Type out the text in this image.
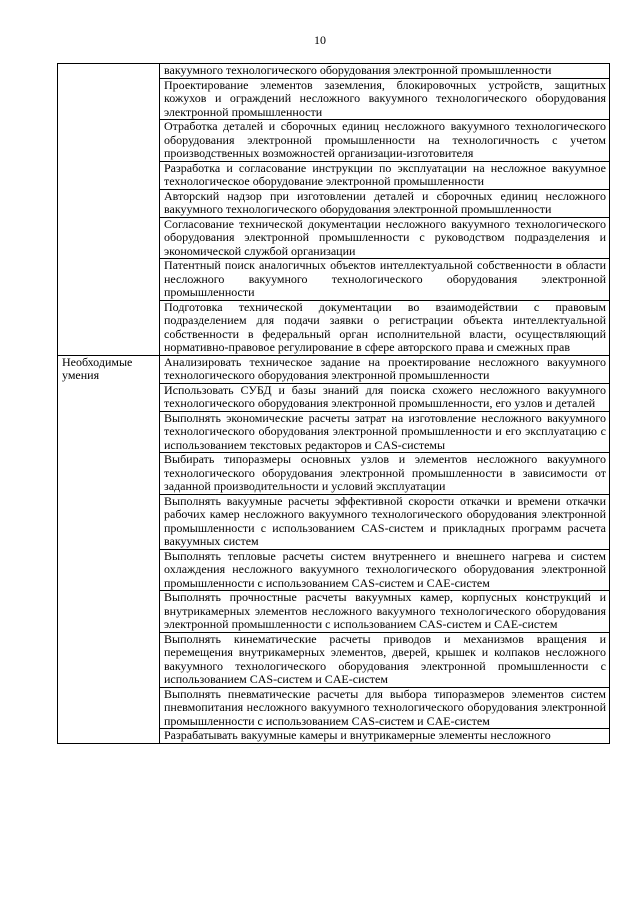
10
	вакуумного технологического оборудования электронной промышленности
	Проектирование элементов заземления, блокировочных устройств, защитных кожухов и ограждений несложного вакуумного технологического оборудования электронной промышленности
	Отработка деталей и сборочных единиц несложного вакуумного технологического оборудования электронной промышленности на технологичность с учетом производственных возможностей организации-изготовителя
	Разработка и согласование инструкции по эксплуатации на несложное вакуумное технологическое оборудование электронной промышленности
	Авторский надзор при изготовлении деталей и сборочных единиц несложного вакуумного технологического оборудования электронной промышленности
	Согласование технической документации несложного вакуумного технологического оборудования электронной промышленности с руководством подразделения и экономической службой организации
	Патентный поиск аналогичных объектов интеллектуальной собственности в области несложного вакуумного технологического оборудования электронной промышленности
	Подготовка технической документации во взаимодействии с правовым подразделением для подачи заявки о регистрации объекта интеллектуальной собственности в федеральный орган исполнительной власти, осуществляющий нормативно-правовое регулирование в сфере авторского права и смежных прав
Необходимые умения	Анализировать техническое задание на проектирование несложного вакуумного технологического оборудования электронной промышленности
	Использовать СУБД и базы знаний для поиска схожего несложного вакуумного технологического оборудования электронной промышленности, его узлов и деталей
	Выполнять экономические расчеты затрат на изготовление несложного вакуумного технологического оборудования электронной промышленности и его эксплуатацию с использованием текстовых редакторов и CAS-системы
	Выбирать типоразмеры основных узлов и элементов несложного вакуумного технологического оборудования электронной промышленности в зависимости от заданной производительности и условий эксплуатации
	Выполнять вакуумные расчеты эффективной скорости откачки и времени откачки рабочих камер несложного вакуумного технологического оборудования электронной промышленности с использованием CAS-систем и прикладных программ расчета вакуумных систем
	Выполнять тепловые расчеты систем внутреннего и внешнего нагрева и систем охлаждения несложного вакуумного технологического оборудования электронной промышленности с использованием CAS-систем и CAE-систем
	Выполнять прочностные расчеты вакуумных камер, корпусных конструкций и внутрикамерных элементов несложного вакуумного технологического оборудования электронной промышленности с использованием CAS-систем и CAE-систем
	Выполнять кинематические расчеты приводов и механизмов вращения и перемещения внутрикамерных элементов, дверей, крышек и колпаков несложного вакуумного технологического оборудования электронной промышленности с использованием CAS-систем и CAE-систем
	Выполнять пневматические расчеты для выбора типоразмеров элементов систем пневмопитания несложного вакуумного технологического оборудования электронной промышленности с использованием CAS-систем и CAE-систем
	Разрабатывать вакуумные камеры и внутрикамерные элементы несложного
